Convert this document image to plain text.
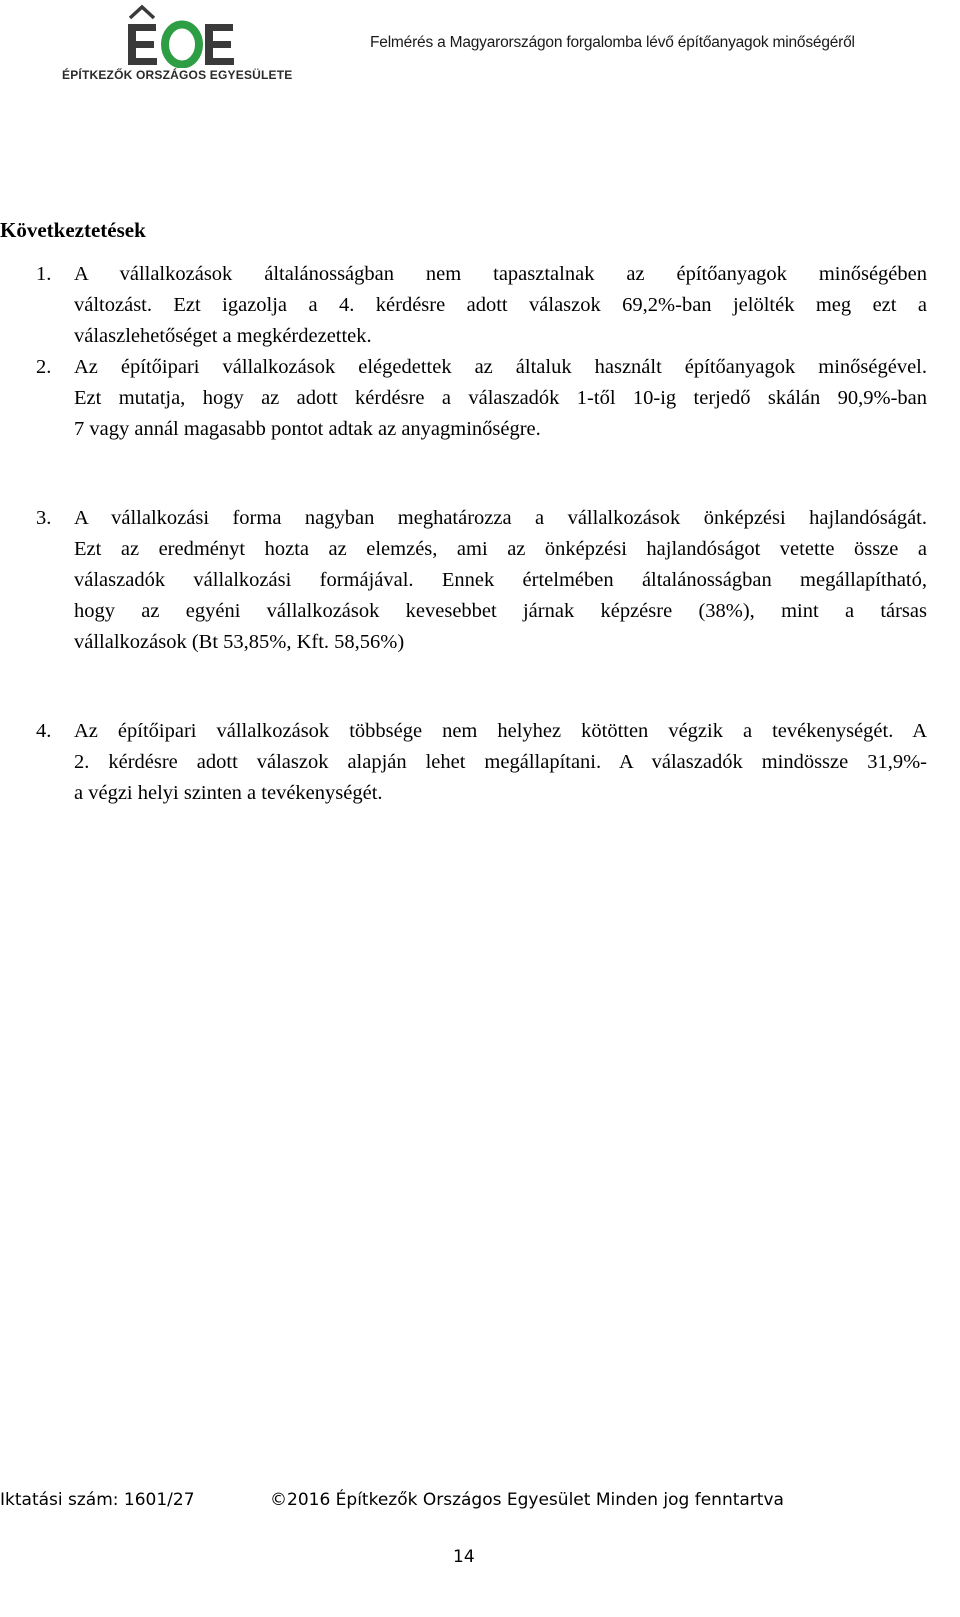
ÉPÍTKEZŐK ORSZÁGOS EGYESÜLETE
Felmérés a Magyarországon forgalomba lévő építőanyagok minőségéről
Következtetések
1. A vállalkozások általánosságban nem tapasztalnak az építőanyagok minőségében
változást. Ezt igazolja a 4. kérdésre adott válaszok 69,2%-ban jelölték meg ezt a
válaszlehetőséget a megkérdezettek.
2. Az építőipari vállalkozások elégedettek az általuk használt építőanyagok minőségével.
Ezt mutatja, hogy az adott kérdésre a válaszadók 1-től 10-ig terjedő skálán 90,9%-ban
7 vagy annál magasabb pontot adtak az anyagminőségre.
3. A vállalkozási forma nagyban meghatározza a vállalkozások önképzési hajlandóságát.
Ezt az eredményt hozta az elemzés, ami az önképzési hajlandóságot vetette össze a
válaszadók vállalkozási formájával. Ennek értelmében általánosságban megállapítható,
hogy az egyéni vállalkozások kevesebbet járnak képzésre (38%), mint a társas
vállalkozások (Bt 53,85%, Kft. 58,56%)
4. Az építőipari vállalkozások többsége nem helyhez kötötten végzik a tevékenységét. A
2. kérdésre adott válaszok alapján lehet megállapítani. A válaszadók mindössze 31,9%-
a végzi helyi szinten a tevékenységét.
Iktatási szám: 1601/27	©2016 Építkezők Országos Egyesület Minden jog fenntartva
14
